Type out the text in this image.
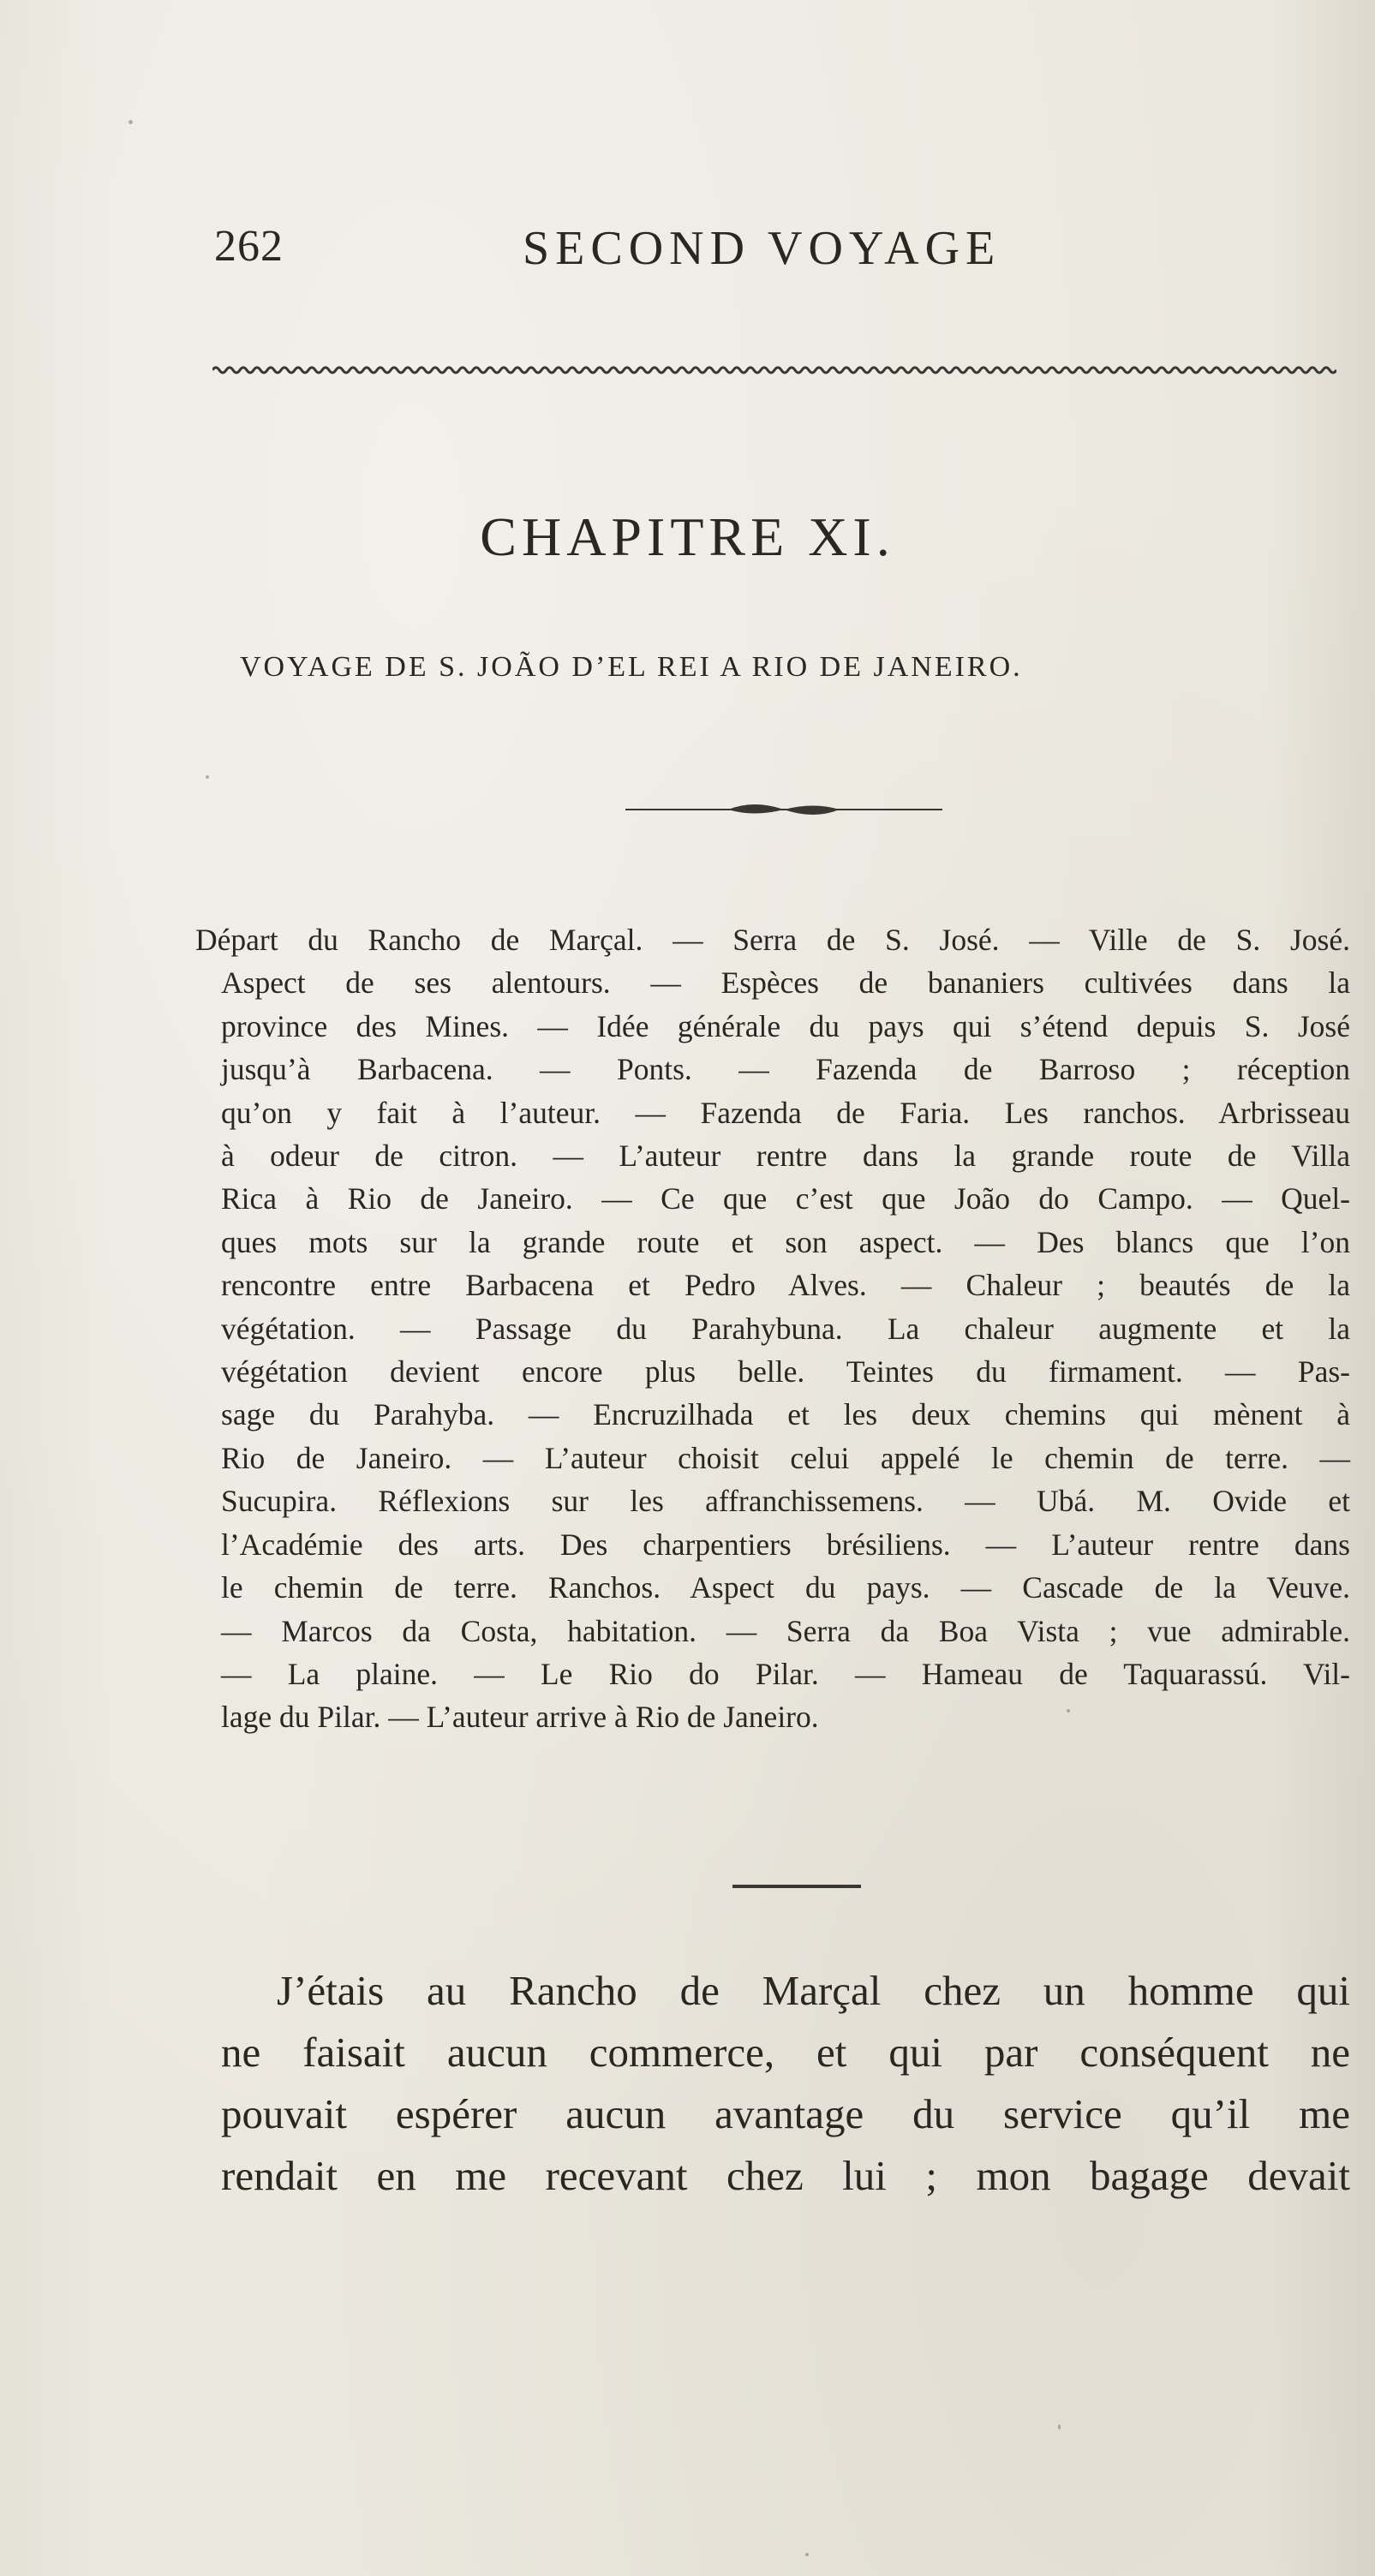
262	SECOND VOYAGE
CHAPITRE XI.
VOYAGE DE S. JOÃO D’EL REI A RIO DE JANEIRO.
Départ du Rancho de Marçal. — Serra de S. José. — Ville de S. José.
Aspect de ses alentours. — Espèces de bananiers cultivées dans la
province des Mines. — Idée générale du pays qui s’étend depuis S. José
jusqu’à Barbacena. — Ponts. — Fazenda de Barroso ; réception
qu’on y fait à l’auteur. — Fazenda de Faria. Les ranchos. Arbrisseau
à odeur de citron. — L’auteur rentre dans la grande route de Villa
Rica à Rio de Janeiro. — Ce que c’est que João do Campo. — Quel-
ques mots sur la grande route et son aspect. — Des blancs que l’on
rencontre entre Barbacena et Pedro Alves. — Chaleur ; beautés de la
végétation. — Passage du Parahybuna. La chaleur augmente et la
végétation devient encore plus belle. Teintes du firmament. — Pas-
sage du Parahyba. — Encruzilhada et les deux chemins qui mènent à
Rio de Janeiro. — L’auteur choisit celui appelé le chemin de terre. —
Sucupira. Réflexions sur les affranchissemens. — Ubá. M. Ovide et
l’Académie des arts. Des charpentiers brésiliens. — L’auteur rentre dans
le chemin de terre. Ranchos. Aspect du pays. — Cascade de la Veuve.
— Marcos da Costa, habitation. — Serra da Boa Vista ; vue admirable.
— La plaine. — Le Rio do Pilar. — Hameau de Taquarassú. Vil-
lage du Pilar. — L’auteur arrive à Rio de Janeiro.
J’étais au Rancho de Marçal chez un homme qui
ne faisait aucun commerce, et qui par conséquent ne
pouvait espérer aucun avantage du service qu’il me
rendait en me recevant chez lui ; mon bagage devait
